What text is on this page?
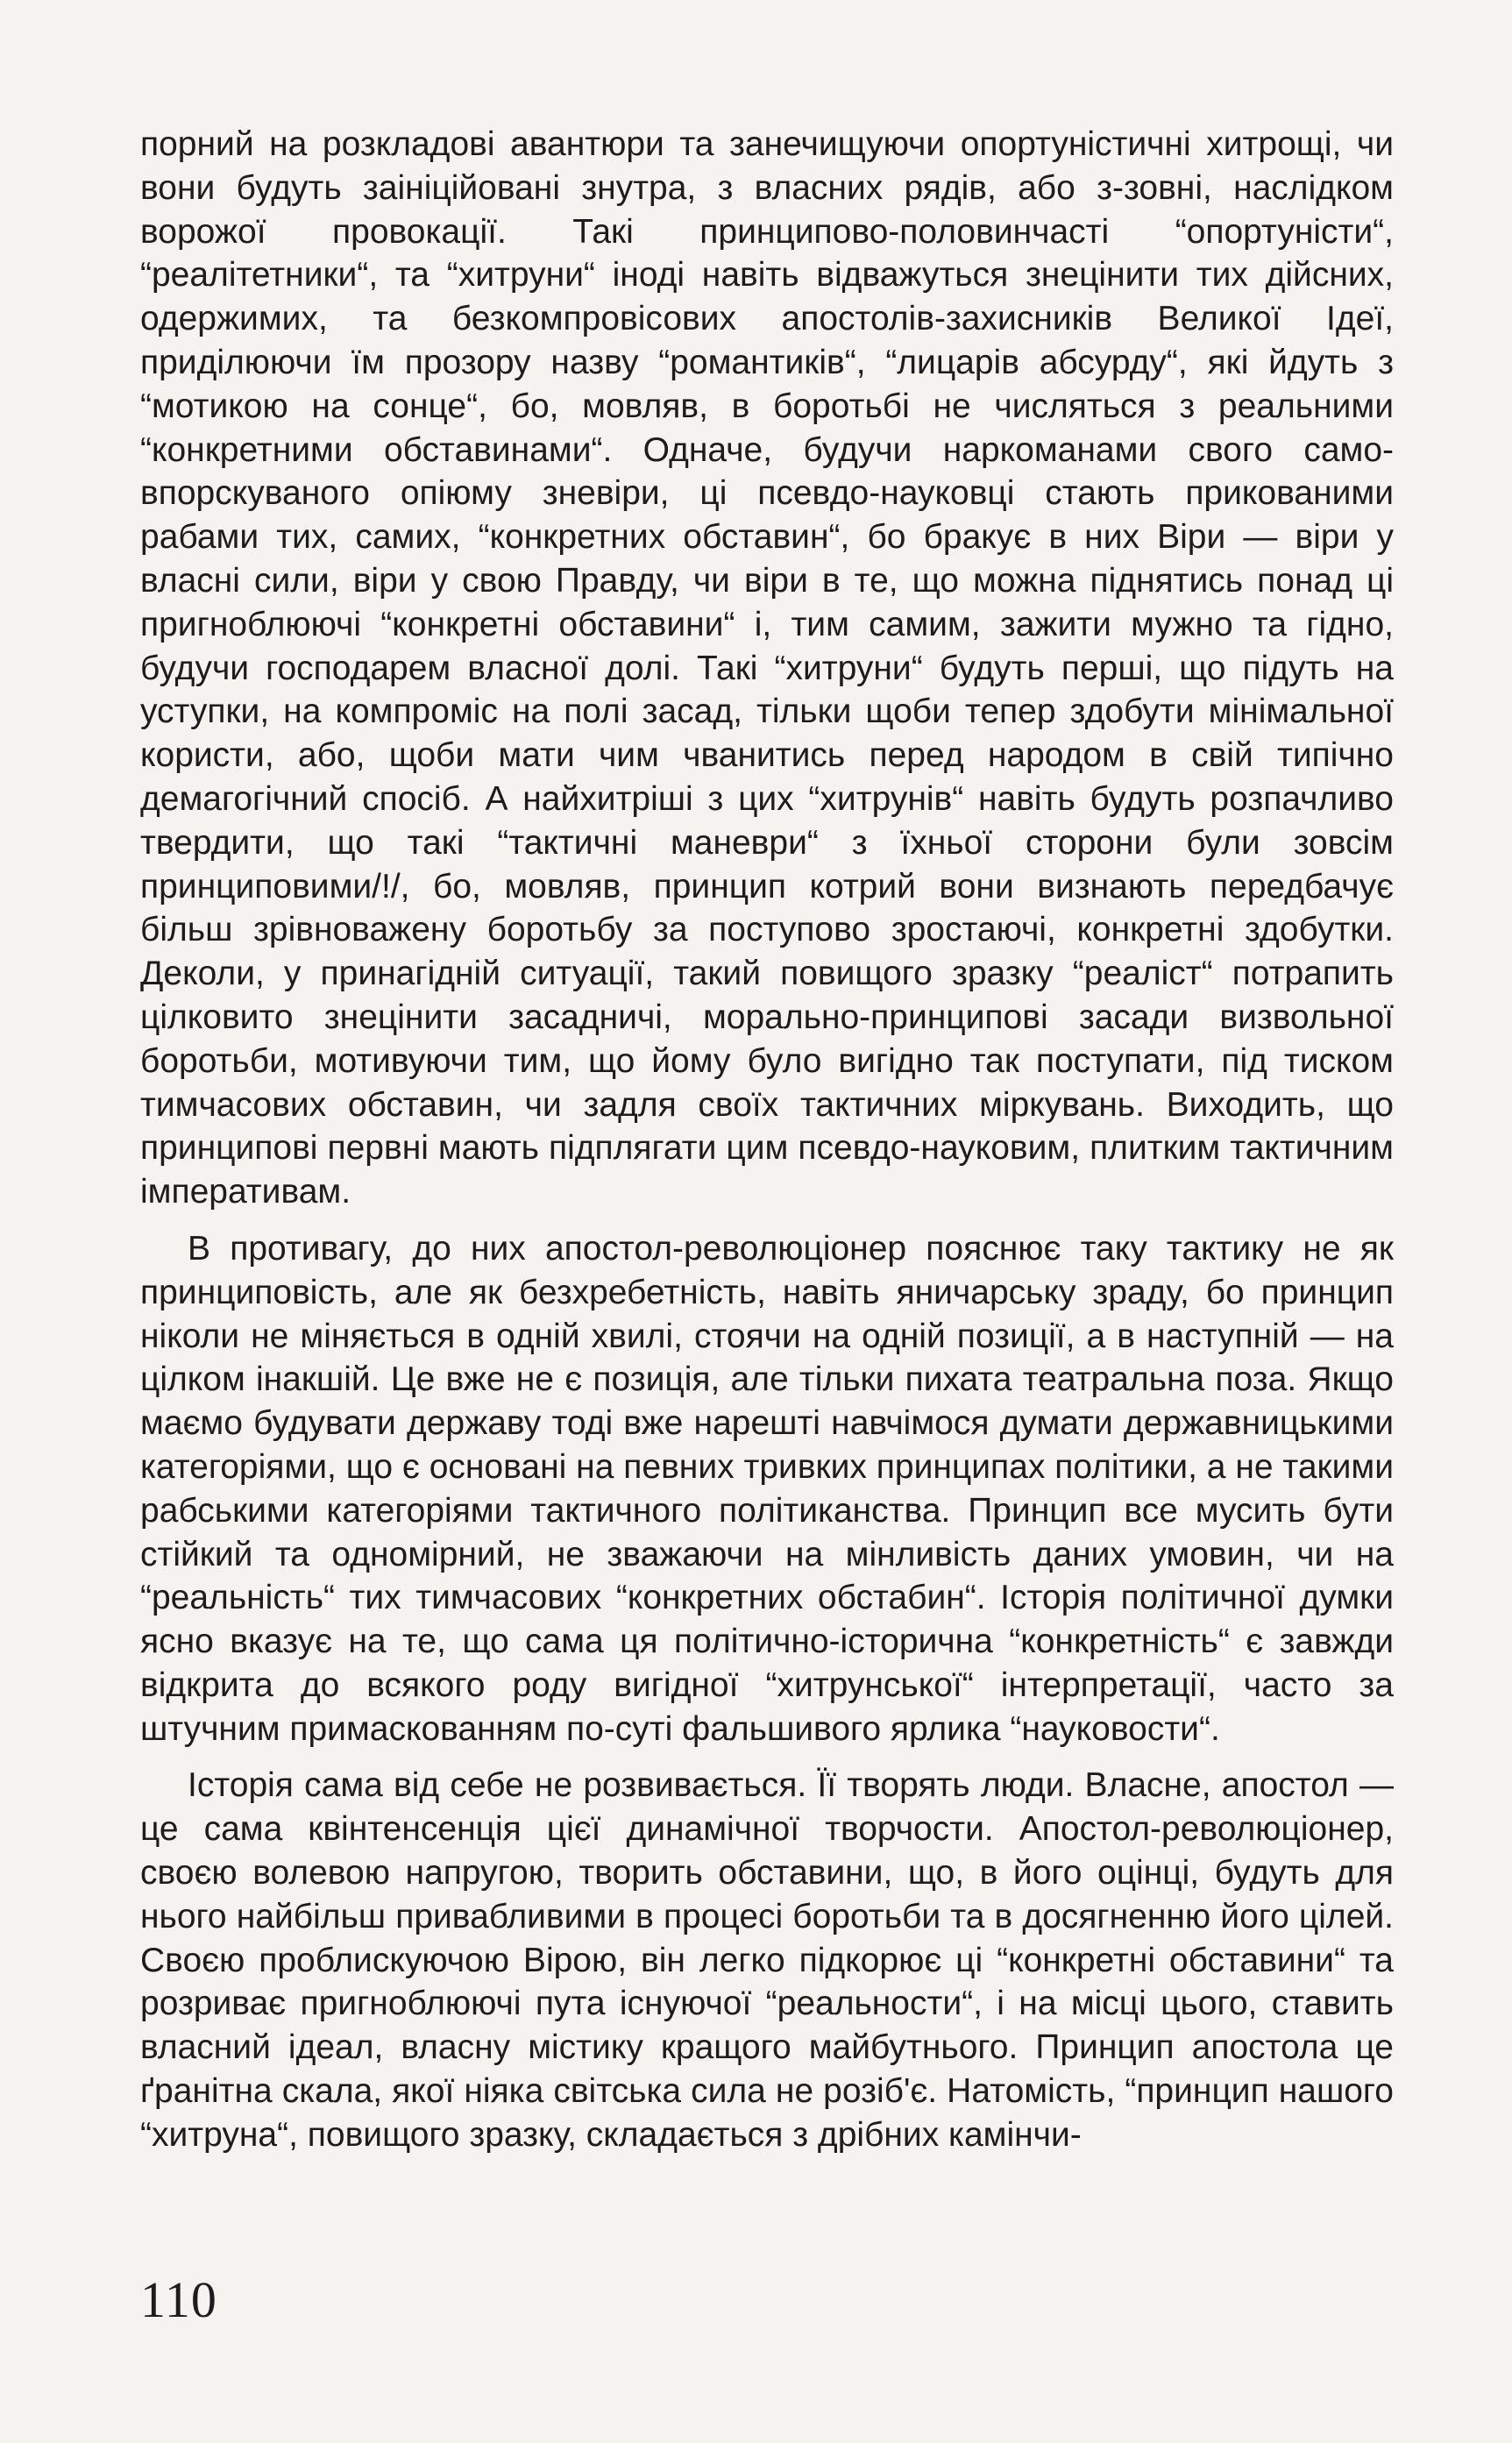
порний на розкладові авантюри та занечищуючи опортуністичні хитрощі, чи вони будуть заініційовані знутра, з власних рядів, або з-зовні, наслідком ворожої провокації. Такі принципово-половинчасті “опортуністи“, “реалітетники“, та “хитруни“ іноді навіть відважуться знецінити тих дійсних, одержимих, та безкомпровісових апостолів-захисників Великої Ідеї, приділюючи їм прозору назву “романтиків“, “лицарів абсурду“, які йдуть з “мотикою на сонце“, бо, мовляв, в боротьбі не числяться з реальними “конкретними обставинами“. Одначе, будучи наркоманами свого само-впорскуваного опіюму зневіри, ці псевдо-науковці стають прикованими рабами тих, самих, “конкретних обставин“, бо бракує в них Віри — віри у власні сили, віри у свою Правду, чи віри в те, що можна піднятись понад ці пригноблюючі “конкретні обставини“ і, тим самим, зажити мужно та гідно, будучи господарем власної долі. Такі “хитруни“ будуть перші, що підуть на уступки, на компроміс на полі засад, тільки щоби тепер здобути мінімальної користи, або, щоби мати чим чванитись перед народом в свій типічно демагогічний спосіб. А найхитріші з цих “хитрунів“ навіть будуть розпачливо твердити, що такі “тактичні маневри“ з їхньої сторони були зовсім принциповими/!/, бо, мовляв, принцип котрий вони визнають передбачує більш зрівноважену боротьбу за поступово зростаючі, конкретні здобутки. Деколи, у принагідній ситуації, такий повищого зразку “реаліст“ потрапить цілковито знецінити засадничі, морально-принципові засади визвольної боротьби, мотивуючи тим, що йому було вигідно так поступати, під тиском тимчасових обставин, чи задля своїх тактичних міркувань. Виходить, що принципові первні мають підплягати цим псевдо-науковим, плитким тактичним імперативам.

В противагу, до них апостол-революціонер пояснює таку тактику не як принциповість, але як безхребетність, навіть яничарську зраду, бо принцип ніколи не міняється в одній хвилі, стоячи на одній позиції, а в наступній — на цілком інакшій. Це вже не є позиція, але тільки пихата театральна поза. Якщо маємо будувати державу тоді вже нарешті навчімося думати державницькими категоріями, що є основані на певних тривких принципах політики, а не такими рабськими категоріями тактичного політиканства. Принцип все мусить бути стійкий та одномірний, не зважаючи на мінливість даних умовин, чи на “реальність“ тих тимчасових “конкретних обстабин“. Історія політичної думки ясно вказує на те, що сама ця політично-історична “конкретність“ є завжди відкрита до всякого роду вигідної “хитрунської“ інтерпретації, часто за штучним примаскованням по-суті фальшивого ярлика “науковости“.

Історія сама від себе не розвивається. Її творять люди. Власне, апостол — це сама квінтенсенція цієї динамічної творчости. Апостол-революціонер, своєю волевою напругою, творить обставини, що, в його оцінці, будуть для нього найбільш привабливими в процесі боротьби та в досягненню його цілей. Своєю проблискуючою Вірою, він легко підкорює ці “конкретні обставини“ та розриває пригноблюючі пута існуючої “реальности“, і на місці цього, ставить власний ідеал, власну містику кращого майбутнього. Принцип апостола це ґранітна скала, якої ніяка світська сила не розіб'є. Натомість, “принцип нашого “хитруна“, повищого зразку, складається з дрібних камінчи-

110
